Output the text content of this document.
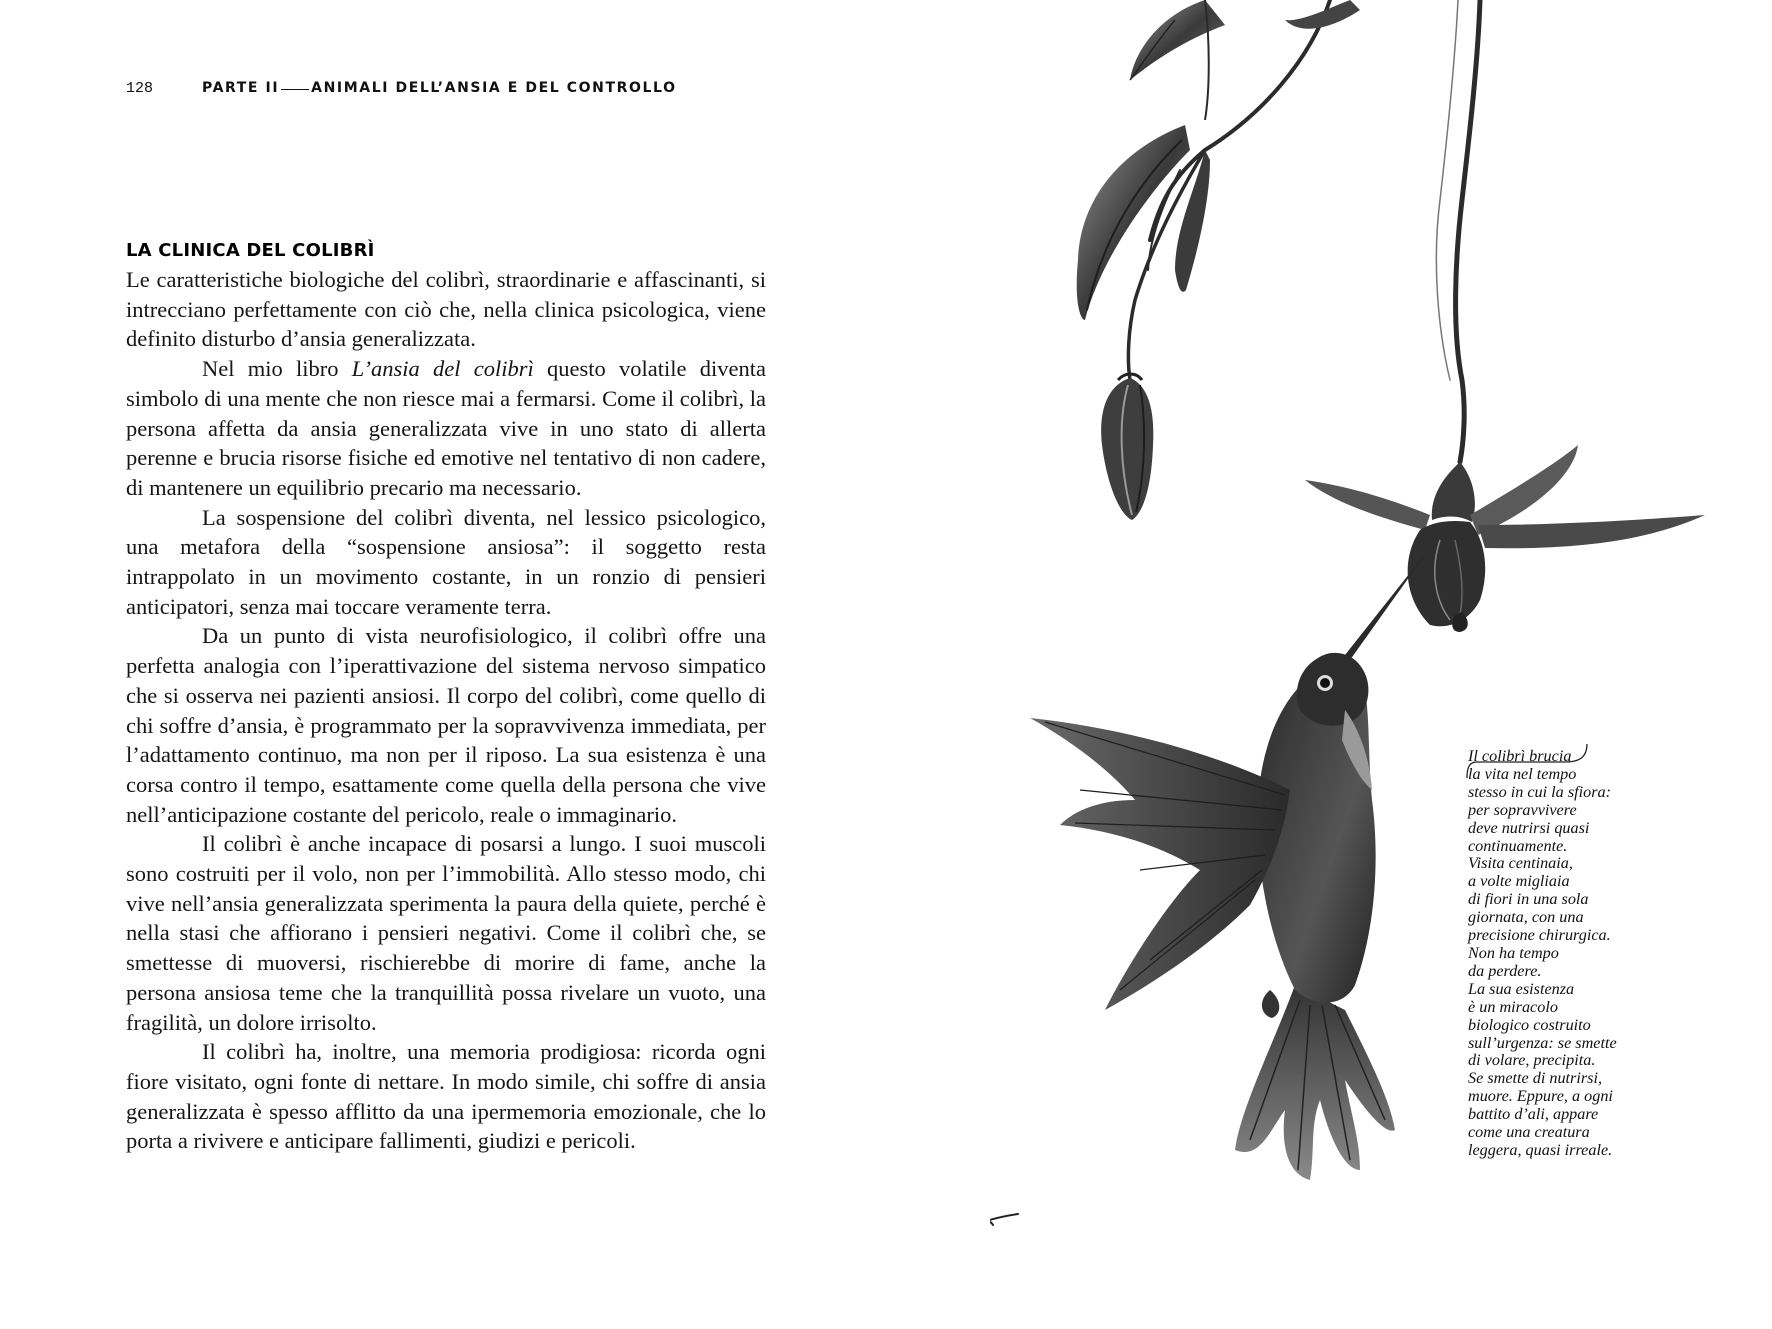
128	PARTE II ANIMALI DELL’ANSIA E DEL CONTROLLO
LA CLINICA DEL COLIBRÌ

Le caratteristiche biologiche del colibrì, straordinarie e affascinanti, si intrecciano perfettamente con ciò che, nella clinica psicologica, viene definito disturbo d’ansia generalizzata.

Nel mio libro L’ansia del colibrì questo volatile diventa simbolo di una mente che non riesce mai a fermarsi. Come il colibrì, la persona affetta da ansia generalizzata vive in uno stato di allerta perenne e brucia risorse fisiche ed emotive nel tentativo di non cadere, di mantenere un equilibrio precario ma necessario.

La sospensione del colibrì diventa, nel lessico psicologico, una metafora della “sospensione ansiosa”: il soggetto resta intrappolato in un movimento costante, in un ronzio di pensieri anticipatori, senza mai toccare veramente terra.

Da un punto di vista neurofisiologico, il colibrì offre una perfetta analogia con l’iperattivazione del sistema nervoso simpatico che si osserva nei pazienti ansiosi. Il corpo del colibrì, come quello di chi soffre d’ansia, è programmato per la sopravvivenza immediata, per l’adattamento continuo, ma non per il riposo. La sua esistenza è una corsa contro il tempo, esattamente come quella della persona che vive nell’anticipazione costante del pericolo, reale o immaginario.

Il colibrì è anche incapace di posarsi a lungo. I suoi muscoli sono costruiti per il volo, non per l’immobilità. Allo stesso modo, chi vive nell’ansia generalizzata sperimenta la paura della quiete, perché è nella stasi che affiorano i pensieri negativi. Come il colibrì che, se smettesse di muoversi, rischierebbe di morire di fame, anche la persona ansiosa teme che la tranquillità possa rivelare un vuoto, una fragilità, un dolore irrisolto.

Il colibrì ha, inoltre, una memoria prodigiosa: ricorda ogni fiore visitato, ogni fonte di nettare. In modo simile, chi soffre di ansia generalizzata è spesso afflitto da una ipermemoria emozionale, che lo porta a rivivere e anticipare fallimenti, giudizi e pericoli.

Il colibrì brucia
la vita nel tempo
stesso in cui la sfiora:
per sopravvivere
deve nutrirsi quasi
continuamente.
Visita centinaia,
a volte migliaia
di fiori in una sola
giornata, con una
precisione chirurgica.
Non ha tempo
da perdere.
La sua esistenza
è un miracolo
biologico costruito
sull’urgenza: se smette
di volare, precipita.
Se smette di nutrirsi,
muore. Eppure, a ogni
battito d’ali, appare
come una creatura
leggera, quasi irreale.
